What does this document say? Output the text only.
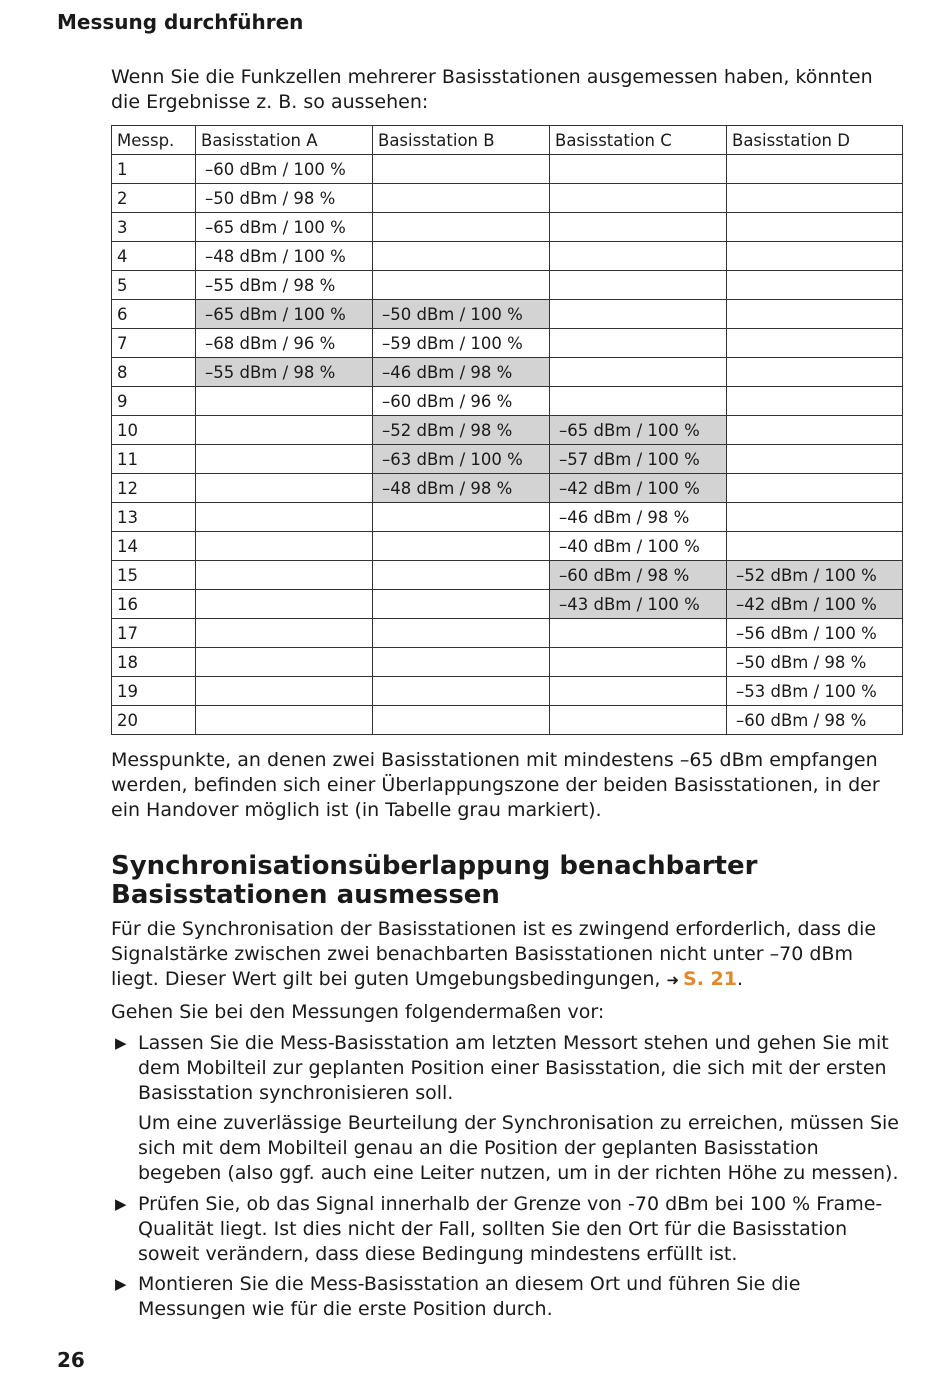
Messung durchführen
Wenn Sie die Funkzellen mehrerer Basisstationen ausgemessen haben, könnten die Ergebnisse z. B. so aussehen:
Messp.	Basisstation A	Basisstation B	Basisstation C	Basisstation D
1	–60 dBm / 100 %			
2	–50 dBm / 98 %			
3	–65 dBm / 100 %			
4	–48 dBm / 100 %			
5	–55 dBm / 98 %			
6	–65 dBm / 100 %	–50 dBm / 100 %		
7	–68 dBm / 96 %	–59 dBm / 100 %		
8	–55 dBm / 98 %	–46 dBm / 98 %		
9		–60 dBm / 96 %		
10		–52 dBm / 98 %	–65 dBm / 100 %	
11		–63 dBm / 100 %	–57 dBm / 100 %	
12		–48 dBm / 98 %	–42 dBm / 100 %	
13			–46 dBm / 98 %	
14			–40 dBm / 100 %	
15			–60 dBm / 98 %	–52 dBm / 100 %
16			–43 dBm / 100 %	–42 dBm / 100 %
17				–56 dBm / 100 %
18				–50 dBm / 98 %
19				–53 dBm / 100 %
20				–60 dBm / 98 %
Messpunkte, an denen zwei Basisstationen mit mindestens –65 dBm empfangen werden, befinden sich einer Überlappungszone der beiden Basisstationen, in der ein Handover möglich ist (in Tabelle grau markiert).
Synchronisationsüberlappung benachbarter Basisstationen ausmessen
Für die Synchronisation der Basisstationen ist es zwingend erforderlich, dass die Signalstärke zwischen zwei benachbarten Basisstationen nicht unter –70 dBm liegt. Dieser Wert gilt bei guten Umgebungsbedingungen, ➜ S. 21.
Gehen Sie bei den Messungen folgendermaßen vor:
▶ Lassen Sie die Mess-Basisstation am letzten Messort stehen und gehen Sie mit dem Mobilteil zur geplanten Position einer Basisstation, die sich mit der ersten Basisstation synchronisieren soll.
Um eine zuverlässige Beurteilung der Synchronisation zu erreichen, müssen Sie sich mit dem Mobilteil genau an die Position der geplanten Basisstation begeben (also ggf. auch eine Leiter nutzen, um in der richten Höhe zu messen).
▶ Prüfen Sie, ob das Signal innerhalb der Grenze von -70 dBm bei 100 % Frame-Qualität liegt. Ist dies nicht der Fall, sollten Sie den Ort für die Basisstation soweit verändern, dass diese Bedingung mindestens erfüllt ist.
▶ Montieren Sie die Mess-Basisstation an diesem Ort und führen Sie die Messungen wie für die erste Position durch.
26
